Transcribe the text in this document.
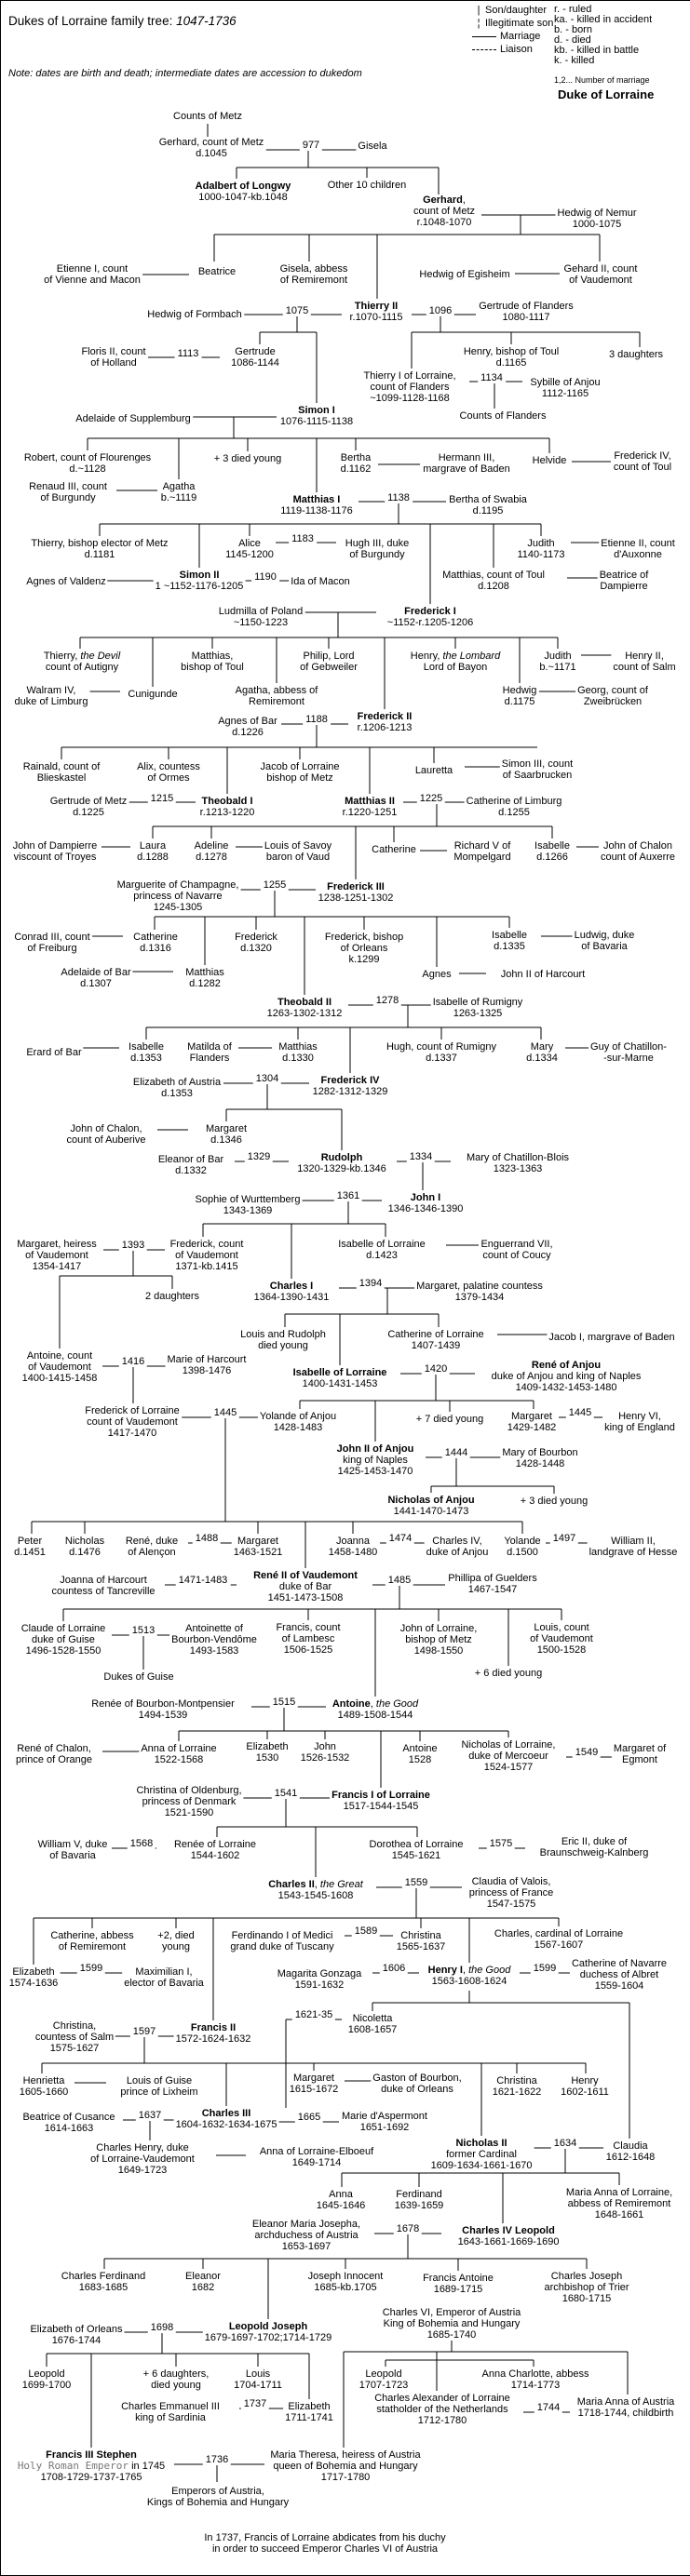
Dukes of Lorraine family tree: 1047-1736
Note: dates are birth and death; intermediate dates are accession to dukedom
| Son/daughter
¦ Illegitimate son
Marriage
Liaison
r. - ruled
ka. - killed in accident
b. - born
d. - died
kb. - killed in battle
k. - killed
1,2... Number of marriage
Duke of Lorraine
Counts of Metz
Gerhard, count of Metz
d.1045
977	Gisela
Adalbert of Longwy
1000-1047-kb.1048
Other 10 children
Gerhard,
count of Metz
r.1048-1070
Hedwig of Nemur
1000-1075
Etienne I, count
of Vienne and Macon
Beatrice	Gisela, abbess
of Remiremont	Hedwig of Egisheim	Gehard II, count
of Vaudemont
Hedwig of Formbach	1075	Thierry II
r.1070-1115
1096	Gertrude of Flanders
1080-1117
Floris II, count
of Holland
1113	Gertrude
1086-1144
Henry, bishop of Toul
d.1165
3 daughters
Thierry I of Lorraine,
count of Flanders
~1099-1128-1168
1134	Sybille of Anjou
1112-1165
Simon I
1076-1115-1138
Adelaide of Supplemburg	Counts of Flanders
Robert, count of Flourenges
d.~1128
+ 3 died young	Bertha
d.1162
Hermann III,
margrave of Baden
Helvide	Frederick IV,
count of Toul
Renaud III, count
of Burgundy
Agatha
b.~1119	Matthias I
1119-1138-1176
1138	Bertha of Swabia
d.1195
Thierry, bishop elector of Metz
d.1181
Alice
1145-1200
1183	Hugh III, duke
of Burgundy
Judith
1140-1173
Etienne II, count
d'Auxonne
Agnes of Valdenz
Simon II
1 ~1152-1176-1205
1190 Ida of Macon
Matthias, count of Toul
d.1208
Beatrice of
Dampierre
Ludmilla of Poland
~1150-1223
Frederick I
~1152-r.1205-1206
Thierry, the Devil
count of Autigny
Matthias,
bishop of Toul
Philip, Lord
of Gebweiler
Henry, the Lombard
Lord of Bayon
Judith
b.~1171
Henry II,
count of Salm
Walram IV,
duke of Limburg
Cunigunde	Agatha, abbess of
Remiremont
Hedwig
d.1175
Georg, count of
Zweibrücken
Agnes of Bar
d.1226
1188	Frederick II
r.1206-1213
Rainald, count of
Blieskastel
Alix, countess
of Ormes
Jacob of Lorraine
bishop of Metz
Lauretta
Simon III, count
of Saarbrucken
Gertrude of Metz
d.1225
1215	Theobald I
r.1213-1220
Matthias II
r.1220-1251
1225 Catherine of Limburg
d.1255
John of Dampierre
viscount of Troyes
Laura
d.1288
Adeline
d.1278
Louis of Savoy
baron of Vaud
Catherine	Richard V of
Mompelgard
Isabelle
d.1266
John of Chalon
count of Auxerre
Marguerite of Champagne,
princess of Navarre
1245-1305
1255	Frederick III
1238-1251-1302
Conrad III, count
of Freiburg
Catherine
d.1316
Frederick
d.1320
Frederick, bishop
of Orleans
k.1299
Isabelle
d.1335
Ludwig, duke
of Bavaria
Adelaide of Bar
d.1307
Matthias
d.1282
Agnes	John II of Harcourt
Theobald II
1263-1302-1312
1278	Isabelle of Rumigny
1263-1325
Erard of Bar	Isabelle
d.1353
Matilda of
Flanders
Matthias
d.1330
Hugh, count of Rumigny
d.1337
Mary
d.1334
Guy of Chatillon-
-sur-Marne
Elizabeth of Austria
d.1353
1304	Frederick IV
1282-1312-1329
John of Chalon,
count of Auberive
Margaret
d.1346
Eleanor of Bar
d.1332
1329	Rudolph
1320-1329-kb.1346
1334	Mary of Chatillon-Blois
1323-1363
Sophie of Wurttemberg
1343-1369
1361	John I
1346-1346-1390
Margaret, heiress
of Vaudemont
1354-1417
1393 Frederick, count
of Vaudemont
1371-kb.1415
Isabelle of Lorraine
d.1423
Enguerrand VII,
count of Coucy
2 daughters
Charles I
1364-1390-1431
1394	Margaret, palatine countess
1379-1434
Louis and Rudolph
died young
Catherine of Lorraine
1407-1439
Jacob I, margrave of Baden
Antoine, count
of Vaudemont
1400-1415-1458
1416 Marie of Harcourt
1398-1476	Isabelle of Lorraine
1400-1431-1453
1420	René of Anjou
duke of Anjou and king of Naples
1409-1432-1453-1480
Frederick of Lorraine
count of Vaudemont
1417-1470
1445 Yolande of Anjou
1428-1483
+ 7 died young	Margaret
1429-1482
1445	Henry VI,
king of England
John II of Anjou
king of Naples
1425-1453-1470
1444	Mary of Bourbon
1428-1448
Nicholas of Anjou
1441-1470-1473
+ 3 died young
Peter
d.1451
Nicholas
d.1476
René, duke
of Alençon
1488	Margaret
1463-1521
Joanna
1458-1480
1474	Charles IV,
duke of Anjou
Yolande
d.1500
1497	William II,
landgrave of Hesse
Joanna of Harcourt
countess of Tancreville
1471-1483	René II of Vaudemont
duke of Bar
1451-1473-1508
1485	Phillipa of Guelders
1467-1547
Claude of Lorraine
duke of Guise
1496-1528-1550
1513	Antoinette of
Bourbon-Vendôme
1493-1583
Francis, count
of Lambesc
1506-1525
John of Lorraine,
bishop of Metz
1498-1550
Louis, count
of Vaudemont
1500-1528
Dukes of Guise	+ 6 died young
Renée of Bourbon-Montpensier
1494-1539
1515	Antoine, the Good
1489-1508-1544
René of Chalon,
prince of Orange
Anna of Lorraine
1522-1568
Elizabeth
1530
John
1526-1532
Antoine
1528
Nicholas of Lorraine,
duke of Mercoeur
1524-1577
1549 Margaret of
Egmont
Christina of Oldenburg,
princess of Denmark
1521-1590
1541	Francis I of Lorraine
1517-1544-1545
William V, duke
of Bavaria
1568 Renée of Lorraine
1544-1602
Dorothea of Lorraine
1545-1621
1575	Eric II, duke of
Braunschweig-Kalnberg
Charles II, the Great
1543-1545-1608
1559	Claudia of Valois,
princess of France
1547-1575
Catherine, abbess
of Remiremont
+2, died
young
Ferdinando I of Medici
grand duke of Tuscany
1589	Christina
1565-1637
Charles, cardinal of Lorraine
1567-1607
Elizabeth
1574-1636
1599	Maximilian I,
elector of Bavaria
Magarita Gonzaga
1591-1632
1606 Henry I, the Good
1563-1608-1624
1599 Catherine of Navarre
duchess of Albret
1559-1604
Christina,
countess of Salm
1575-1627
1597	Francis II
1572-1624-1632
1621-35	Nicoletta
1608-1657
Henrietta
1605-1660
Louis of Guise
prince of Lixheim
Margaret
1615-1672
Gaston of Bourbon,
duke of Orleans
Christina
1621-1622
Henry
1602-1611
Beatrice of Cusance
1614-1663
1637	Charles III
1604-1632-1634-1675
1665 Marie d'Aspermont
1651-1692
Charles Henry, duke
of Lorraine-Vaudemont
1649-1723
Anna of Lorraine-Elboeuf
1649-1714
Nicholas II
former Cardinal
1609-1634-1661-1670
1634	Claudia
1612-1648
Anna
1645-1646
Ferdinand
1639-1659
Maria Anna of Lorraine,
abbess of Remiremont
1648-1661
Eleanor Maria Josepha,
archduchess of Austria
1653-1697
1678	Charles IV Leopold
1643-1661-1669-1690
Charles Ferdinand
1683-1685
Eleanor
1682
Joseph Innocent
1685-kb.1705
Francis Antoine
1689-1715
Charles Joseph
archbishop of Trier
1680-1715
Elizabeth of Orleans
1676-1744
1698	Leopold Joseph
1679-1697-1702;1714-1729
Charles VI, Emperor of Austria
King of Bohemia and Hungary
1685-1740
Leopold
1699-1700
+ 6 daughters,
died young
Louis
1704-1711
Leopold
1707-1723
Anna Charlotte, abbess
1714-1773
Charles Emmanuel III
king of Sardinia
1737 Elizabeth
1711-1741
Charles Alexander of Lorraine
statholder of the Netherlands
1712-1780
1744 Maria Anna of Austria
1718-1744, childbirth
Francis III Stephen
Holy Roman Emperor in 1745
1708-1729-1737-1765
1736	Maria Theresa, heiress of Austria
queen of Bohemia and Hungary
1717-1780
Emperors of Austria,
Kings of Bohemia and Hungary
In 1737, Francis of Lorraine abdicates from his duchy
in order to succeed Emperor Charles VI of Austria
